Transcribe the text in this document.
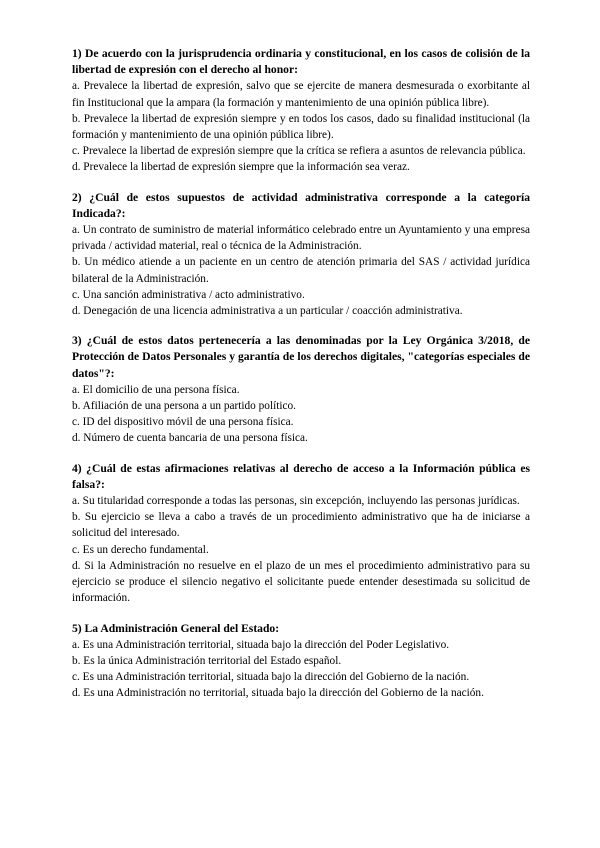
1) De acuerdo con la jurisprudencia ordinaria y constitucional, en los casos de colisión de la libertad de expresión con el derecho al honor:

a. Prevalece la libertad de expresión, salvo que se ejercite de manera desmesurada o exorbitante al fin Institucional que la ampara (la formación y mantenimiento de una opinión pública libre).

b. Prevalece la libertad de expresión siempre y en todos los casos, dado su finalidad institucional (la formación y mantenimiento de una opinión pública libre).

c. Prevalece la libertad de expresión siempre que la crítica se refiera a asuntos de relevancia pública.

d. Prevalece la libertad de expresión siempre que la información sea veraz.

2) ¿Cuál de estos supuestos de actividad administrativa corresponde a la categoría Indicada?:

a. Un contrato de suministro de material informático celebrado entre un Ayuntamiento y una empresa privada / actividad material, real o técnica de la Administración.

b. Un médico atiende a un paciente en un centro de atención primaria del SAS / actividad jurídica bilateral de la Administración.

c. Una sanción administrativa / acto administrativo.

d. Denegación de una licencia administrativa a un particular / coacción administrativa.

3) ¿Cuál de estos datos pertenecería a las denominadas por la Ley Orgánica 3/2018, de Protección de Datos Personales y garantía de los derechos digitales, "categorías especiales de datos"?:

a. El domicilio de una persona física.

b. Afiliación de una persona a un partido político.

c. ID del dispositivo móvil de una persona física.

d. Número de cuenta bancaria de una persona física.

4) ¿Cuál de estas afirmaciones relativas al derecho de acceso a la Información pública es falsa?:

a. Su titularidad corresponde a todas las personas, sin excepción, incluyendo las personas jurídicas.

b. Su ejercicio se lleva a cabo a través de un procedimiento administrativo que ha de iniciarse a solicitud del interesado.

c. Es un derecho fundamental.

d. Si la Administración no resuelve en el plazo de un mes el procedimiento administrativo para su ejercicio se produce el silencio negativo el solicitante puede entender desestimada su solicitud de información.

5) La Administración General del Estado:

a. Es una Administración territorial, situada bajo la dirección del Poder Legislativo.

b. Es la única Administración territorial del Estado español.

c. Es una Administración territorial, situada bajo la dirección del Gobierno de la nación.

d. Es una Administración no territorial, situada bajo la dirección del Gobierno de la nación.
